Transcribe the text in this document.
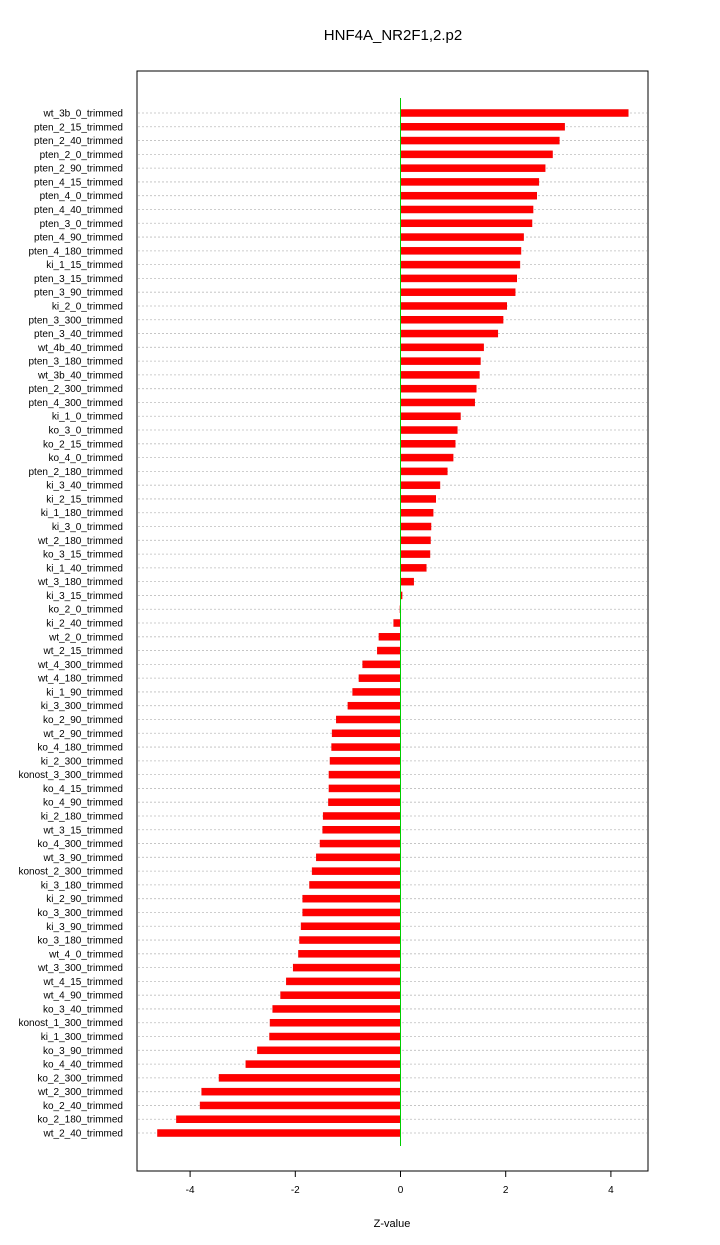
HNF4A_NR2F1,2.p2
wt_3b_0_trimmed
pten_2_15_trimmed
pten_2_40_trimmed
pten_2_0_trimmed
pten_2_90_trimmed
pten_4_15_trimmed
pten_4_0_trimmed
pten_4_40_trimmed
pten_3_0_trimmed
pten_4_90_trimmed
pten_4_180_trimmed
ki_1_15_trimmed
pten_3_15_trimmed
pten_3_90_trimmed
ki_2_0_trimmed
pten_3_300_trimmed
pten_3_40_trimmed
wt_4b_40_trimmed
pten_3_180_trimmed
wt_3b_40_trimmed
pten_2_300_trimmed
pten_4_300_trimmed
ki_1_0_trimmed
ko_3_0_trimmed
ko_2_15_trimmed
ko_4_0_trimmed
pten_2_180_trimmed
ki_3_40_trimmed
ki_2_15_trimmed
ki_1_180_trimmed
ki_3_0_trimmed
wt_2_180_trimmed
ko_3_15_trimmed
ki_1_40_trimmed
wt_3_180_trimmed
ki_3_15_trimmed
ko_2_0_trimmed
ki_2_40_trimmed
wt_2_0_trimmed
wt_2_15_trimmed
wt_4_300_trimmed
wt_4_180_trimmed
ki_1_90_trimmed
ki_3_300_trimmed
ko_2_90_trimmed
wt_2_90_trimmed
ko_4_180_trimmed
ki_2_300_trimmed
konost_3_300_trimmed
ko_4_15_trimmed
ko_4_90_trimmed
ki_2_180_trimmed
wt_3_15_trimmed
ko_4_300_trimmed
wt_3_90_trimmed
konost_2_300_trimmed
ki_3_180_trimmed
ki_2_90_trimmed
ko_3_300_trimmed
ki_3_90_trimmed
ko_3_180_trimmed
wt_4_0_trimmed
wt_3_300_trimmed
wt_4_15_trimmed
wt_4_90_trimmed
ko_3_40_trimmed
konost_1_300_trimmed
ki_1_300_trimmed
ko_3_90_trimmed
ko_4_40_trimmed
ko_2_300_trimmed
wt_2_300_trimmed
ko_2_40_trimmed
ko_2_180_trimmed
wt_2_40_trimmed
-4	-2	0	2	4
Z-value
